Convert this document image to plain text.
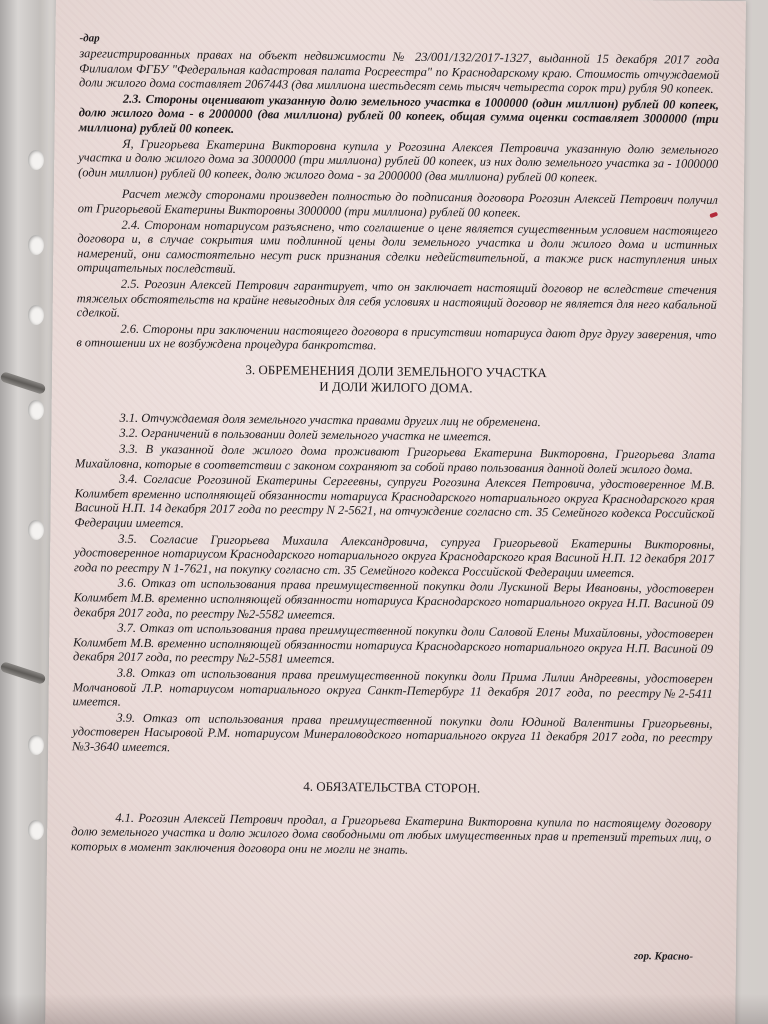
-дар

зарегистрированных правах на объект недвижимости № 23/001/132/2017-1327, выданной 15 декабря 2017 года Филиалом ФГБУ "Федеральная кадастровая палата Росреестра" по Краснодарскому краю. Стоимость отчуждаемой доли жилого дома составляет 2067443 (два миллиона шестьдесят семь тысяч четыреста сорок три) рубля 90 копеек.

2.3. Стороны оценивают указанную долю земельного участка в 1000000 (один миллион) рублей 00 копеек, долю жилого дома - в 2000000 (два миллиона) рублей 00 копеек, общая сумма оценки составляет 3000000 (три миллиона) рублей 00 копеек.

Я, Григорьева Екатерина Викторовна купила у Рогозина Алексея Петровича указанную долю земельного участка и долю жилого дома за 3000000 (три миллиона) рублей 00 копеек, из них долю земельного участка за - 1000000 (один миллион) рублей 00 копеек, долю жилого дома - за 2000000 (два миллиона) рублей 00 копеек.

Расчет между сторонами произведен полностью до подписания договора Рогозин Алексей Петрович получил от Григорьевой Екатерины Викторовны 3000000 (три миллиона) рублей 00 копеек.

2.4. Сторонам нотариусом разъяснено, что соглашение о цене является существенным условием настоящего договора и, в случае сокрытия ими подлинной цены доли земельного участка и доли жилого дома и истинных намерений, они самостоятельно несут риск признания сделки недействительной, а также риск наступления иных отрицательных последствий.

2.5. Рогозин Алексей Петрович гарантирует, что он заключает настоящий договор не вследствие стечения тяжелых обстоятельств на крайне невыгодных для себя условиях и настоящий договор не является для него кабальной сделкой.

2.6. Стороны при заключении настоящего договора в присутствии нотариуса дают друг другу заверения, что в отношении их не возбуждена процедура банкротства.

3. ОБРЕМЕНЕНИЯ ДОЛИ ЗЕМЕЛЬНОГО УЧАСТКА
И ДОЛИ ЖИЛОГО ДОМА.

3.1. Отчуждаемая доля земельного участка правами других лиц не обременена.

3.2. Ограничений в пользовании долей земельного участка не имеется.

3.3. В указанной доле жилого дома проживают Григорьева Екатерина Викторовна, Григорьева Злата Михайловна, которые в соответствии с законом сохраняют за собой право пользования данной долей жилого дома.

3.4. Согласие Рогозиной Екатерины Сергеевны, супруги Рогозина Алексея Петровича, удостоверенное М.В. Колимбет временно исполняющей обязанности нотариуса Краснодарского нотариального округа Краснодарского края Васиной Н.П. 14 декабря 2017 года по реестру N 2-5621, на отчуждение согласно ст. 35 Семейного кодекса Российской Федерации имеется.

3.5. Согласие Григорьева Михаила Александровича, супруга Григорьевой Екатерины Викторовны, удостоверенное нотариусом Краснодарского нотариального округа Краснодарского края Васиной Н.П. 12 декабря 2017 года по реестру N 1-7621, на покупку согласно ст. 35 Семейного кодекса Российской Федерации имеется.

3.6. Отказ от использования права преимущественной покупки доли Лускиной Веры Ивановны, удостоверен Колимбет М.В. временно исполняющей обязанности нотариуса Краснодарского нотариального округа Н.П. Васиной 09 декабря 2017 года, по реестру №2-5582 имеется.

3.7. Отказ от использования права преимущественной покупки доли Саловой Елены Михайловны, удостоверен Колимбет М.В. временно исполняющей обязанности нотариуса Краснодарского нотариального округа Н.П. Васиной 09 декабря 2017 года, по реестру №2-5581 имеется.

3.8. Отказ от использования права преимущественной покупки доли Прима Лилии Андреевны, удостоверен Молчановой Л.Р. нотариусом нотариального округа Санкт-Петербург 11 декабря 2017 года, по реестру№2-5411 имеется.

3.9. Отказ от использования права преимущественной покупки доли Юдиной Валентины Григорьевны, удостоверен Насыровой Р.М. нотариусом Минераловодского нотариального округа 11 декабря 2017 года, по реестру №3-3640 имеется.

4. ОБЯЗАТЕЛЬСТВА СТОРОН.

4.1. Рогозин Алексей Петрович продал, а Григорьева Екатерина Викторовна купила по настоящему договору долю земельного участка и долю жилого дома свободными от любых имущественных прав и претензий третьих лиц, о которых в момент заключения договора они не могли не знать.

гор. Красно-
